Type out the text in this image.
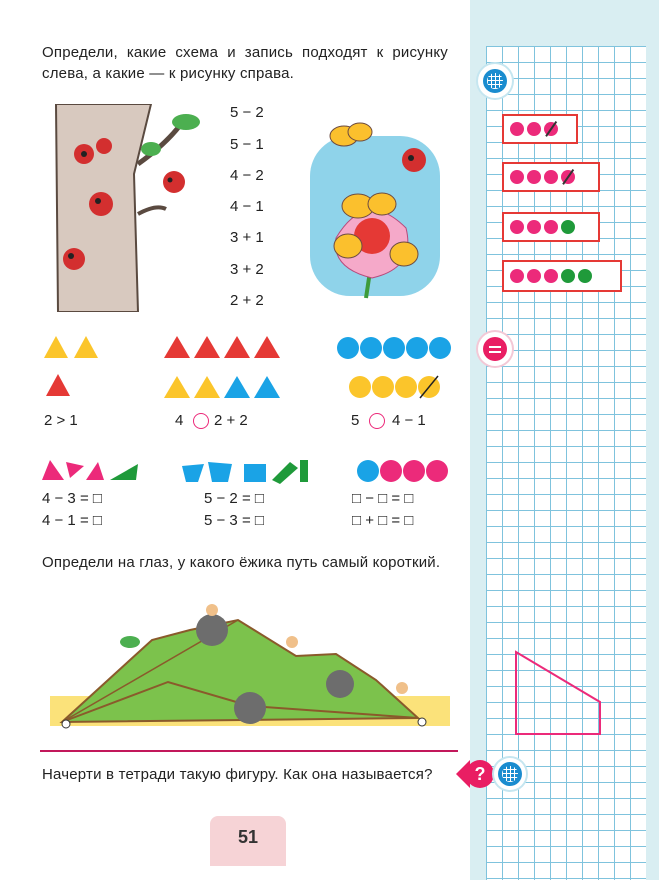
Определи, какие схема и запись подходят к рисунку слева, а какие — к рисунку справа.
5 − 2
5 − 1
4 − 2
4 − 1
3 + 1
3 + 2
2 + 2
2 > 1	4 2 + 2	5 4 − 1
4 − 3 = □
4 − 1 = □
5 − 2 = □
5 − 3 = □
□ − □ = □
□ + □ = □
Определи на глаз, у какого ёжика путь самый короткий.
Начерти в тетради такую фигуру. Как она называется?	?
51
